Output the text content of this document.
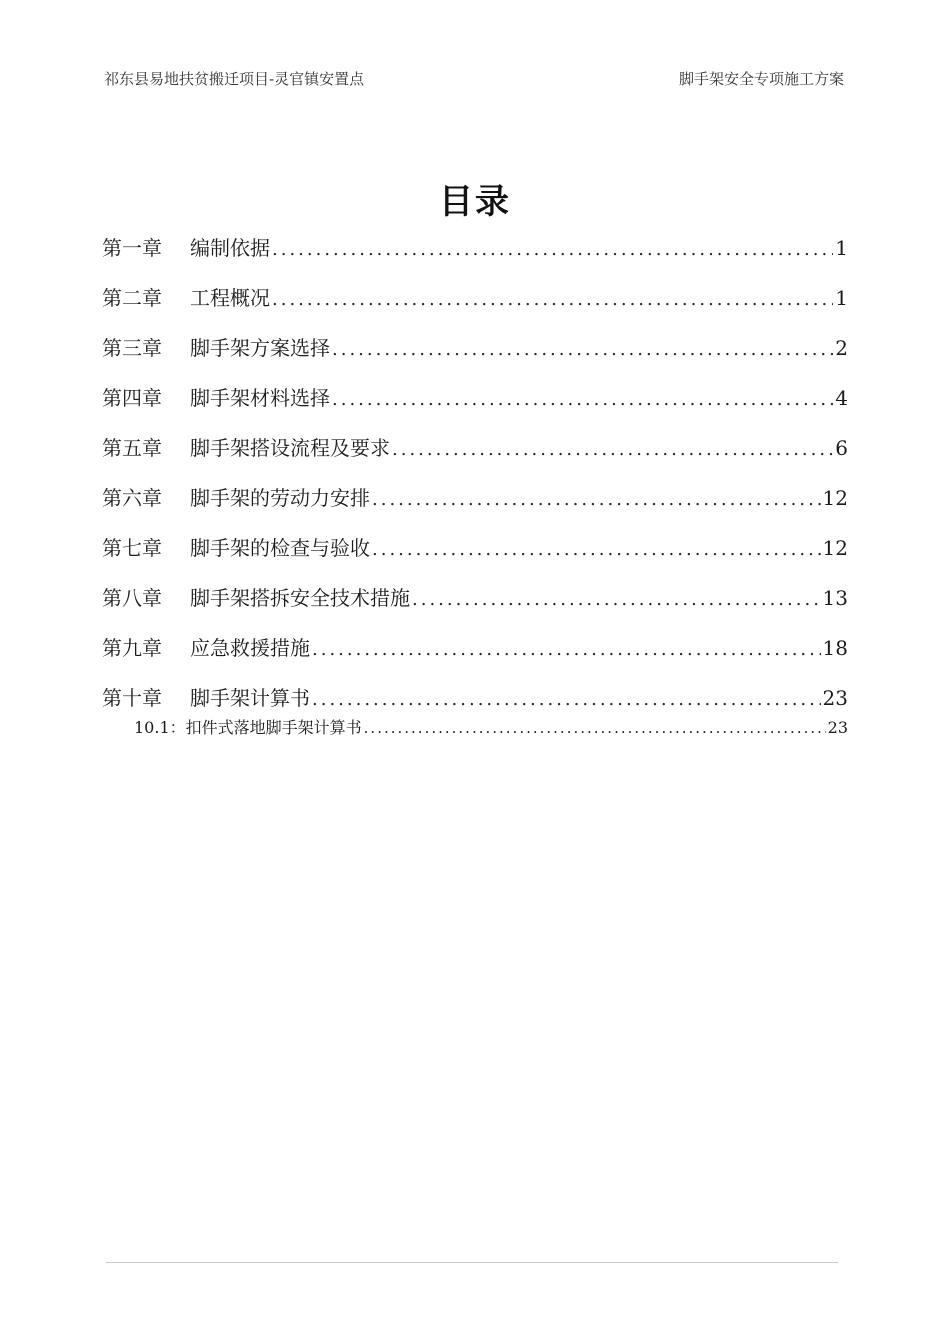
祁东县易地扶贫搬迁项目-灵官镇安置点	脚手架安全专项施工方案
目录
第一章	编制依据 .....	1
第二章	工程概况 .....	1
第三章	脚手架方案选择 .....	2
第四章	脚手架材料选择 .....	4
第五章	脚手架搭设流程及要求 .....	6
第六章	脚手架的劳动力安排 .....	12
第七章	脚手架的检查与验收 .....	12
第八章	脚手架搭拆安全技术措施 .....	13
第九章	应急救援措施 .....	18
第十章	脚手架计算书 .....	23
10.1： 扣件式落地脚手架计算书 .....	23
